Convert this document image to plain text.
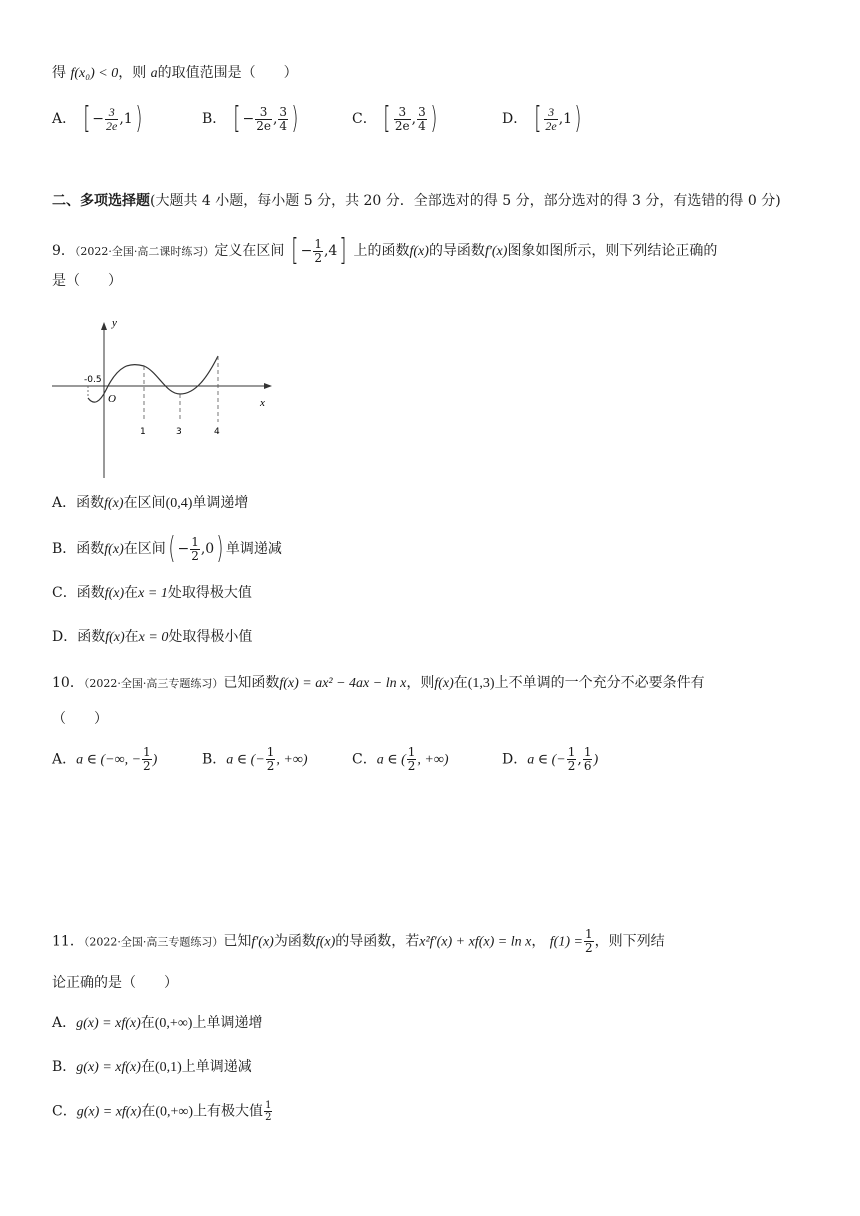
得 f(x₀) < 0，则 a的取值范围是（　　）
A． [ − $\frac{3}{2e} ,1$)	B． [ − $\frac{3}{2e}$ , $\frac{3}{4}$ )	C． [ $\frac{3}{2e}$ , $\frac{3}{4}$ )	D． [ $\frac{3}{2e} ,1$)
二、多项选择题(大题共 4 小题，每小题 5 分，共 20 分．全部选对的得 5 分，部分选对的得 3 分，有选错的得 0 分)
9．（2022·全国·高二课时练习）定义在区间 [ − $\frac{1}{2} ,4$] 上的函数f(x)的导函数f′(x)图象如图所示，则下列结论正确的
是（　　）
y
x
O
-0.5
1	3	4
A．函数f(x)在区间(0,4)单调递增
B．函数f(x)在区间( − $\frac{1}{2} ,0$) 单调递减
C．函数f(x)在x = 1处取得极大值
D．函数f(x)在x = 0处取得极小值
10．（2022·全国·高三专题练习）已知函数f(x) = ax² − 4ax − ln x，则f(x)在(1,3)上不单调的一个充分不必要条件有
（　　）
A．a ∈ (−∞, − $\frac{1}{2}$ )	B．a ∈ (− $\frac{1}{2}$ , +∞)	C．a ∈ ( $\frac{1}{2}$ , +∞)	D．a ∈ (− $\frac{1}{2}$ , $\frac{1}{6}$ )
11．（2022·全国·高三专题练习）已知f′(x)为函数f(x)的导函数，若x²f′(x) + xf(x) = ln x， $f(1) = \frac{1}{2}$ ，则下列结
论正确的是（　　）
A．g(x) = xf(x)在(0,+∞)上单调递增
B．g(x) = xf(x)在(0,1)上单调递减
C．g(x) = xf(x)在(0,+∞)上有极大值 $\frac{1}{2}$
